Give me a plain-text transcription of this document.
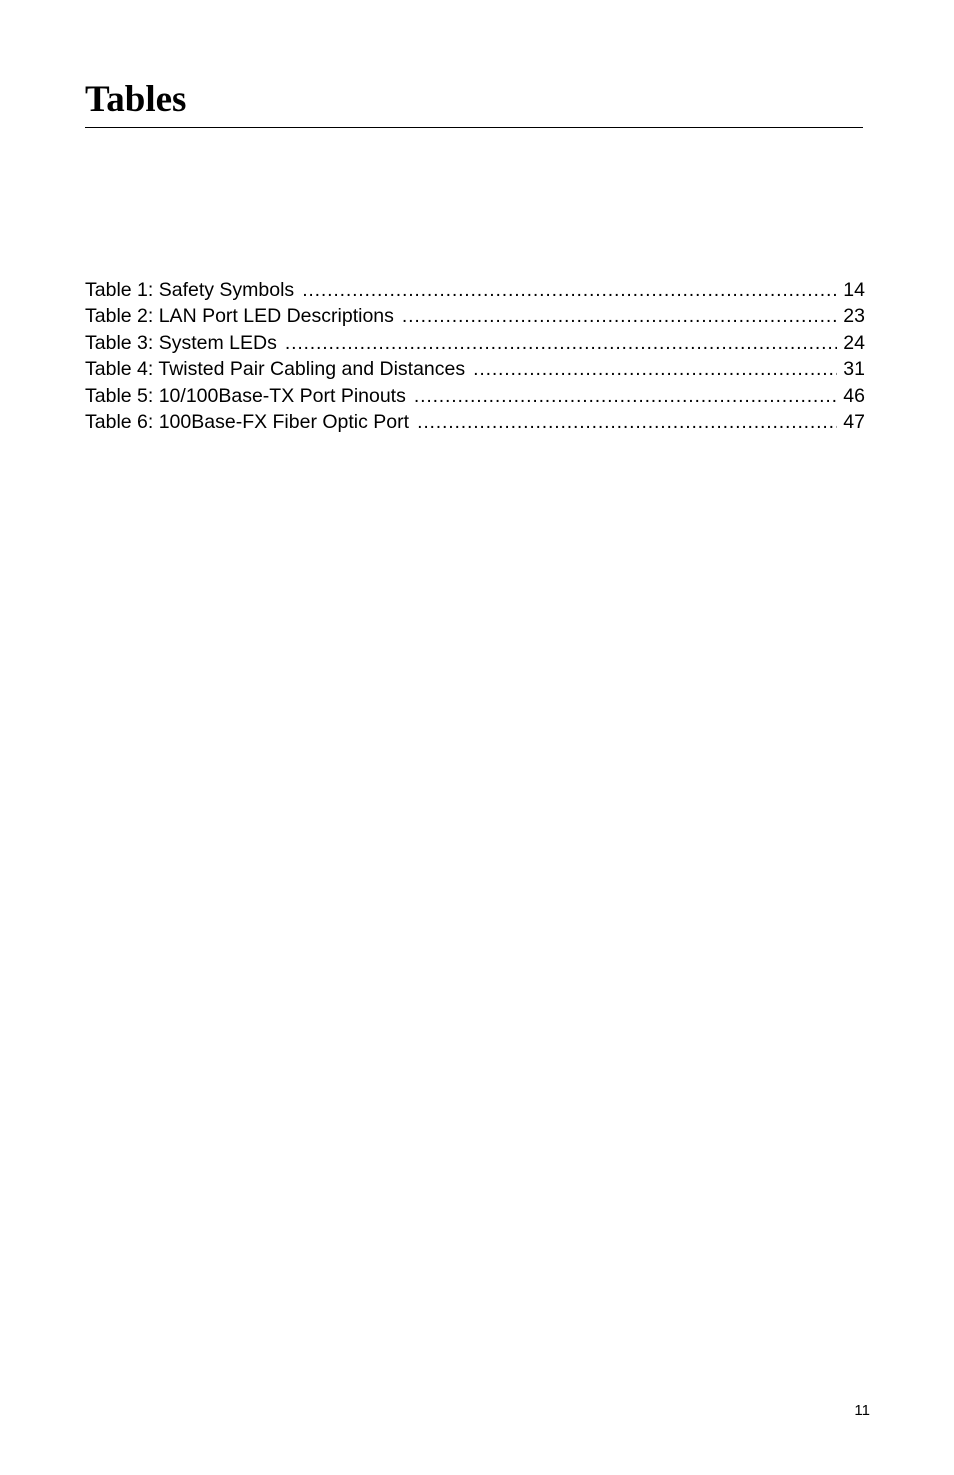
Tables
Table 1: Safety Symbols . . .	14
Table 2: LAN Port LED Descriptions . . .	23
Table 3: System LEDs . . .	24
Table 4: Twisted Pair Cabling and Distances . . .	31
Table 5: 10/100Base-TX Port Pinouts . . .	46
Table 6: 100Base-FX Fiber Optic Port . . .	47
11
